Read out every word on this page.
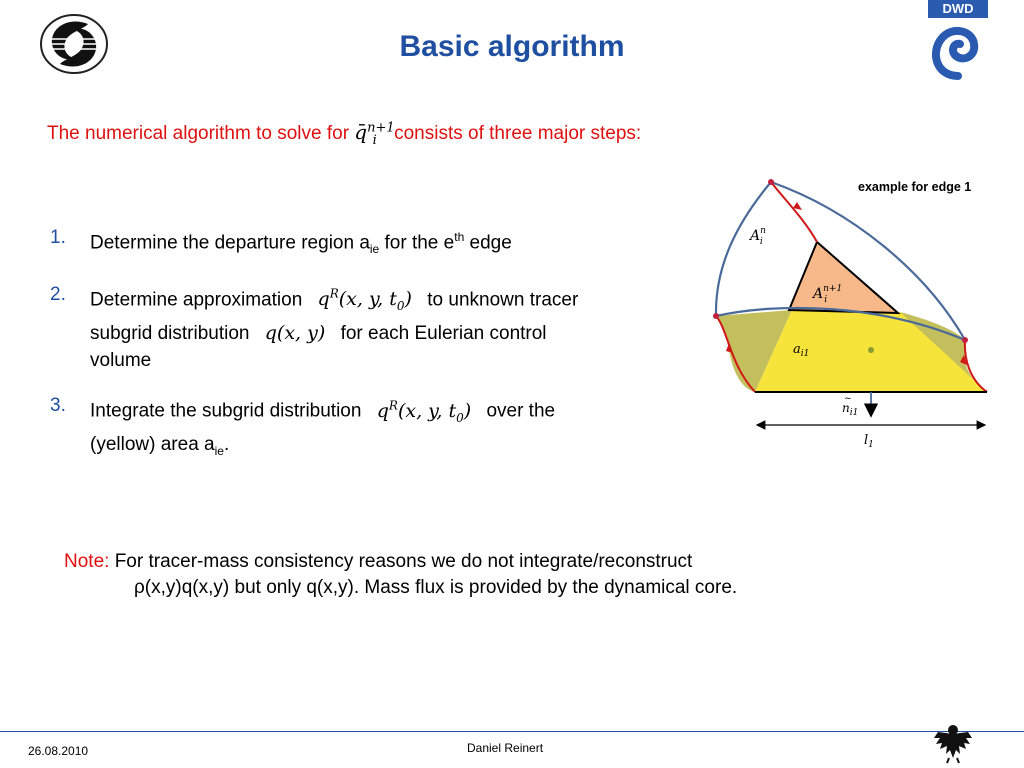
DWD
Basic algorithm
The numerical algorithm to solve for q̄$^{n+1}_i$ consists of three major steps:
1. Determine the departure region $a_{ie}$ for the $e^{th}$ edge
2. Determine approximation $q^R(x$, y, $t_0$) to unknown tracer
subgrid distribution q(x, y) for each Eulerian control
volume
3. Integrate the subgrid distribution $q^R(x$, y, $t_0$) over the
(yellow) area $a_{ie}$.
example for edge 1
$A^n$ i
$A^{n+1}$ i
$a_{i1}$
$n_{i1}$
~
$l_1$
Note: For tracer-mass consistency reasons we do not integrate/reconstruct
ρ(x,y)q(x,y) but only q(x,y). Mass flux is provided by the dynamical core.
26.08.2010	Daniel Reinert
